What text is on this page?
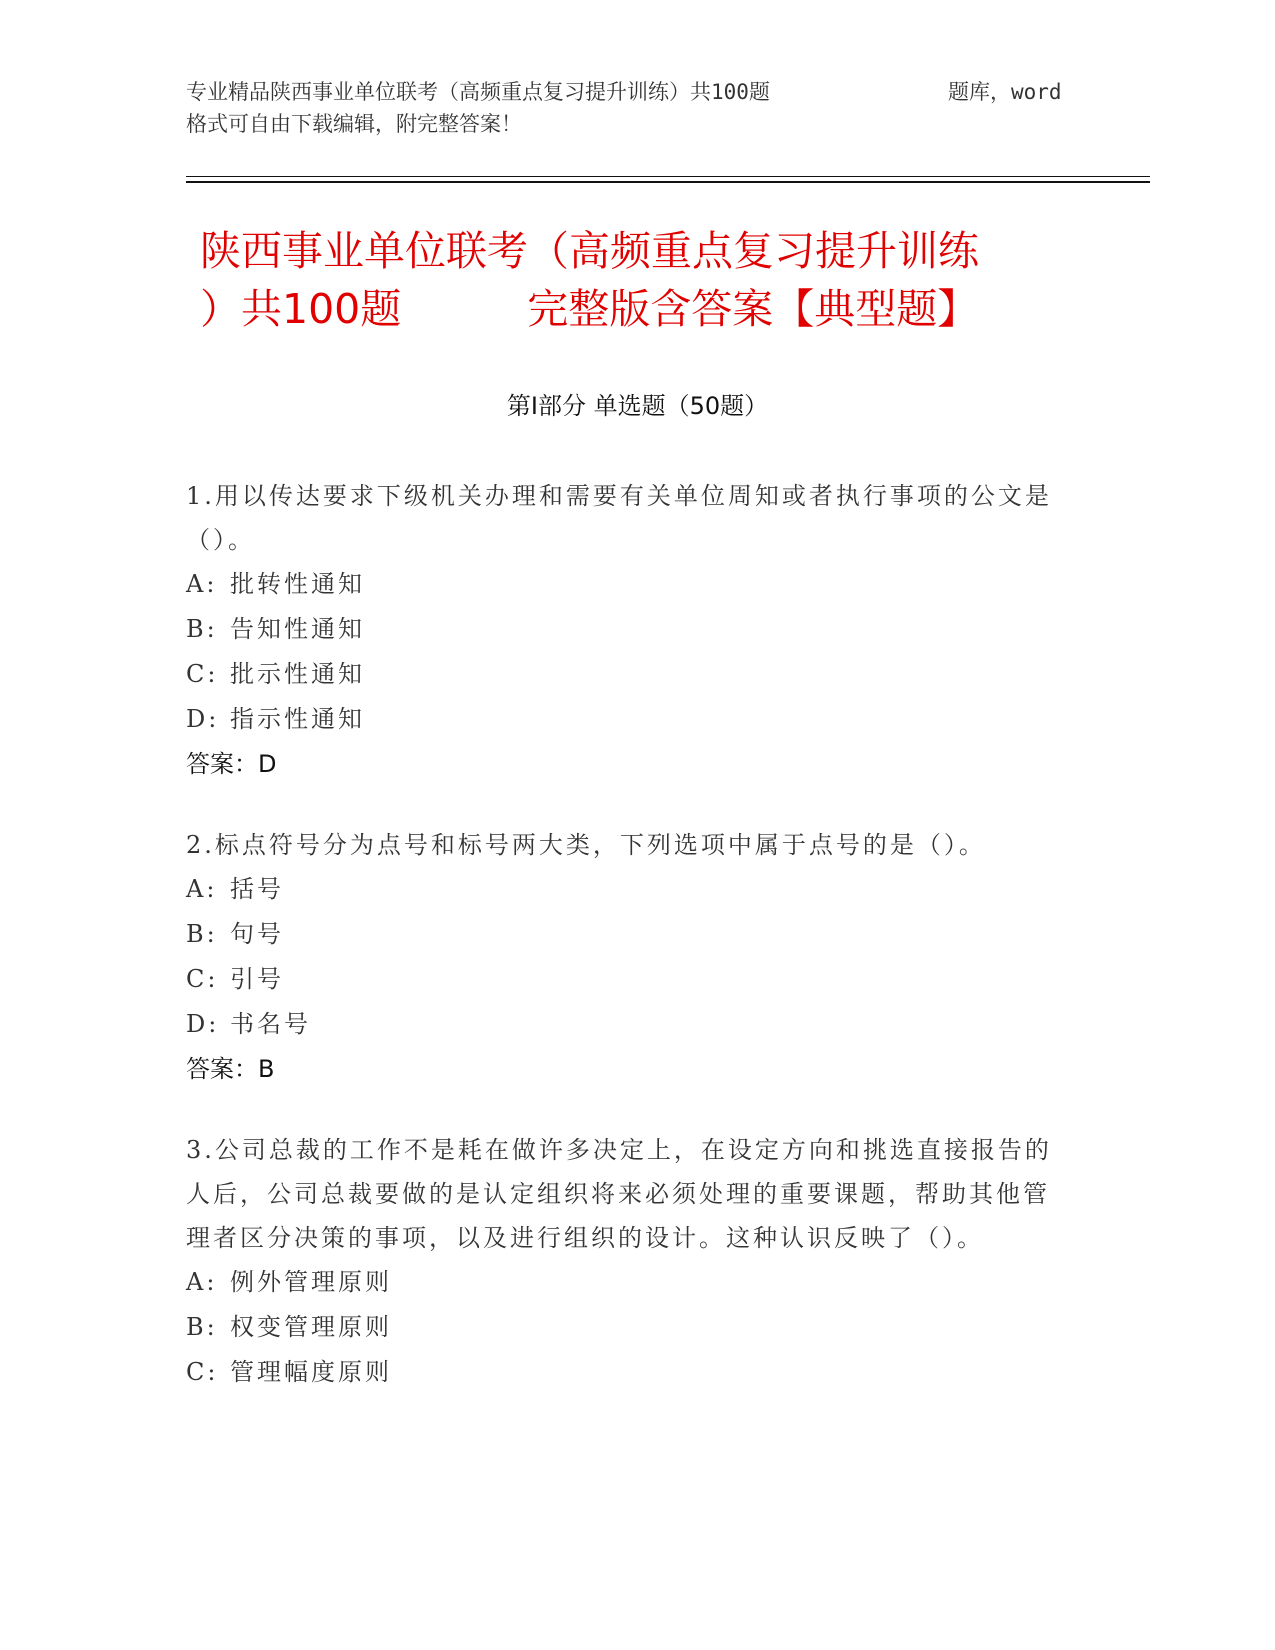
专业精品陕西事业单位联考（高频重点复习提升训练）共100题	题库，word
格式可自由下载编辑，附完整答案！
陕西事业单位联考（高频重点复习提升训练
）共100题	完整版含答案【典型题】
第Ⅰ部分 单选题（50题）
1.用以传达要求下级机关办理和需要有关单位周知或者执行事项的公文是（）。
A: 批转性通知
B: 告知性通知
C: 批示性通知
D: 指示性通知
答案：D
2.标点符号分为点号和标号两大类，下列选项中属于点号的是（）。
A: 括号
B: 句号
C: 引号
D: 书名号
答案：B
3.公司总裁的工作不是耗在做许多决定上，在设定方向和挑选直接报告的人后，公司总裁要做的是认定组织将来必须处理的重要课题，帮助其他管理者区分决策的事项，以及进行组织的设计。这种认识反映了（）。
A: 例外管理原则
B: 权变管理原则
C: 管理幅度原则
